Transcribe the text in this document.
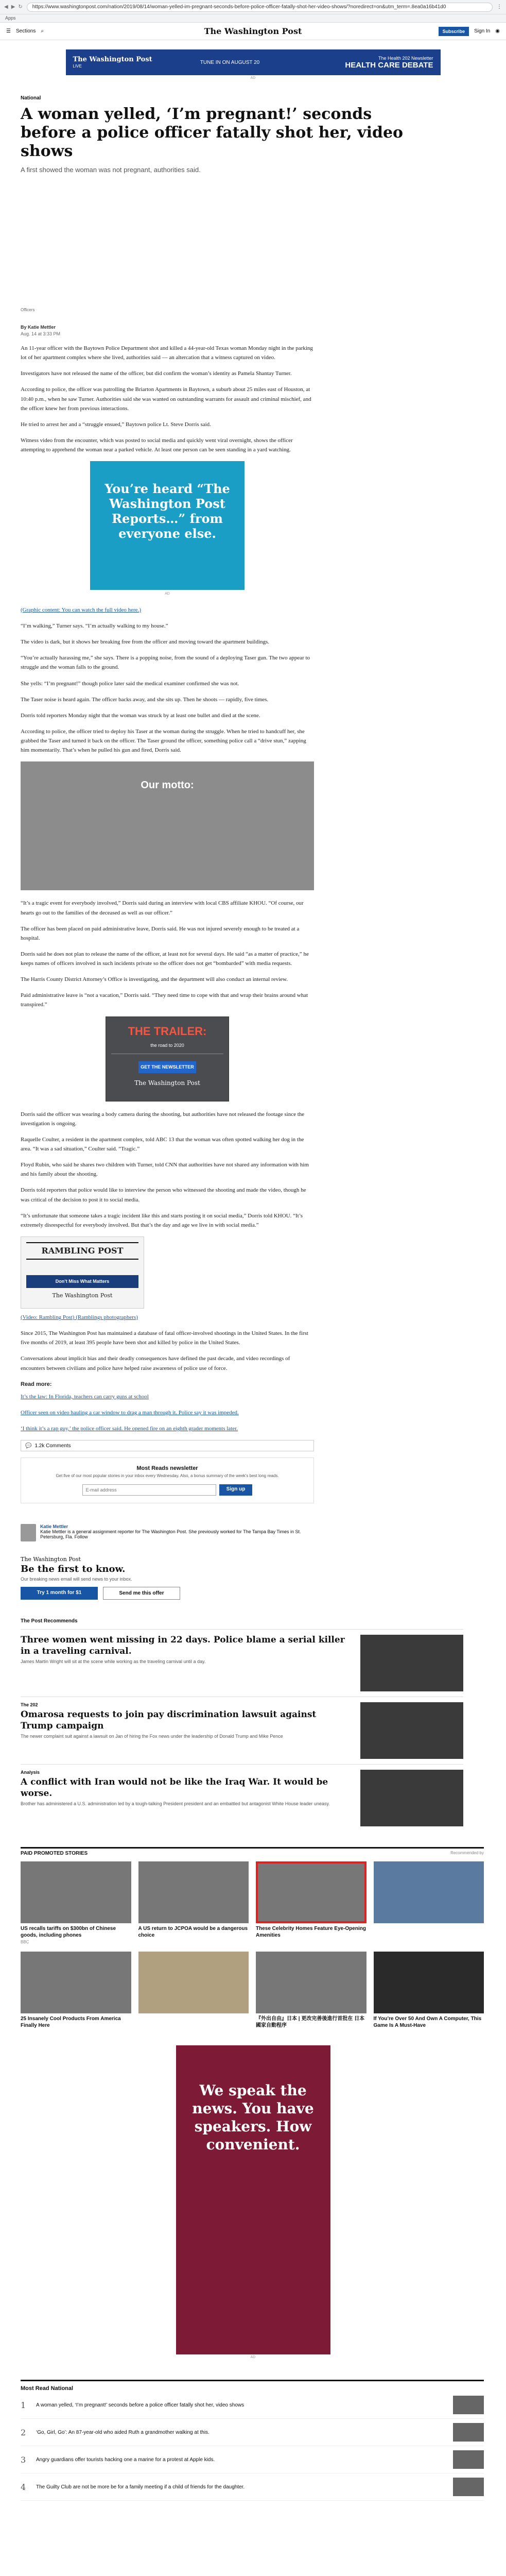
◀ ▶ ↻	https://www.washingtonpost.com/nation/2019/08/14/woman-yelled-im-pregnant-seconds-before-police-officer-fatally-shot-her-video-shows/?noredirect=on&utm_term=.8ea0a16b41d0	⋮
Apps
☰ Sections ⌕	The Washington Post	Subscribe	Sign In ◉
The Washington Post
LIVE
TUNE IN ON AUGUST 20
The Health 202 Newsletter
HEALTH CARE DEBATE
AD
National
A woman yelled, ‘I’m pregnant!’ seconds before a police officer fatally shot her, video shows
A first showed the woman was not pregnant, authorities said.
Officers
By Katie Mettler
Aug. 14 at 3:33 PM

An 11-year officer with the Baytown Police Department shot and killed a 44-year-old Texas woman Monday night in the parking lot of her apartment complex where she lived, authorities said — an altercation that a witness captured on video.

Investigators have not released the name of the officer, but did confirm the woman’s identity as Pamela Shantay Turner.

According to police, the officer was patrolling the Briarton Apartments in Baytown, a suburb about 25 miles east of Houston, at 10:40 p.m., when he saw Turner. Authorities said she was wanted on outstanding warrants for assault and criminal mischief, and the officer knew her from previous interactions.

He tried to arrest her and a “struggle ensued,” Baytown police Lt. Steve Dorris said.

Witness video from the encounter, which was posted to social media and quickly went viral overnight, shows the officer attempting to apprehend the woman near a parked vehicle. At least one person can be seen standing in a yard watching.

You’re heard “The Washington Post Reports…” from everyone else.
AD

(Graphic content: You can watch the full video here.)

“I’m walking,” Turner says. “I’m actually walking to my house.”

The video is dark, but it shows her breaking free from the officer and moving toward the apartment buildings.

“You’re actually harassing me,” she says. There is a popping noise, from the sound of a deploying Taser gun. The two appear to struggle and the woman falls to the ground.

She yells: “I’m pregnant!” though police later said the medical examiner confirmed she was not.

The Taser noise is heard again. The officer backs away, and she sits up. Then he shoots — rapidly, five times.

Dorris told reporters Monday night that the woman was struck by at least one bullet and died at the scene.

According to police, the officer tried to deploy his Taser at the woman during the struggle. When he tried to handcuff her, she grabbed the Taser and turned it back on the officer. The Taser ground the officer, something police call a “drive stun,” zapping him momentarily. That’s when he pulled his gun and fired, Dorris said.

Our motto:

“It’s a tragic event for everybody involved,” Dorris said during an interview with local CBS affiliate KHOU. “Of course, our hearts go out to the families of the deceased as well as our officer.”

The officer has been placed on paid administrative leave, Dorris said. He was not injured severely enough to be treated at a hospital.

Dorris said he does not plan to release the name of the officer, at least not for several days. He said “as a matter of practice,” he keeps names of officers involved in such incidents private so the officer does not get “bombarded” with media requests.

The Harris County District Attorney’s Office is investigating, and the department will also conduct an internal review.

Paid administrative leave is “not a vacation,” Dorris said. “They need time to cope with that and wrap their brains around what transpired.”

THE TRAILER:
the road to 2020
GET THE NEWSLETTER
The Washington Post

Dorris said the officer was wearing a body camera during the shooting, but authorities have not released the footage since the investigation is ongoing.

Raquelle Coulter, a resident in the apartment complex, told ABC 13 that the woman was often spotted walking her dog in the area. “It was a sad situation,” Coulter said. “Tragic.”

Floyd Rubin, who said he shares two children with Turner, told CNN that authorities have not shared any information with him and his family about the shooting.

Dorris told reporters that police would like to interview the person who witnessed the shooting and made the video, though he was critical of the decision to post it to social media.

“It’s unfortunate that someone takes a tragic incident like this and starts posting it on social media,” Dorris told KHOU. “It’s extremely disrespectful for everybody involved. But that’s the day and age we live in with social media.”

RAMBLING POST
Don’t Miss What Matters
The Washington Post

(Video: Rambling Post) (Ramblings photographers)

Since 2015, The Washington Post has maintained a database of fatal officer-involved shootings in the United States. In the first five months of 2019, at least 395 people have been shot and killed by police in the United States.

Conversations about implicit bias and their deadly consequences have defined the past decade, and video recordings of encounters between civilians and police have helped raise awareness of police use of force.

Read more:

It’s the law: In Florida, teachers can carry guns at school

Officer seen on video hauling a car window to drag a man through it. Police say it was impeded.

‘I think it’s a rap guy,’ the police officer said. He opened fire on an eighth grader moments later.

💬 1.2k Comments
Most Reads newsletter
Get five of our most popular stories in your inbox every Wednesday. Also, a bonus summary of the week’s best long reads.
E-mail address
Sign up
Katie Mettler
Katie Mettler is a general assignment reporter for The Washington Post. She previously worked for The Tampa Bay Times in St. Petersburg, Fla. Follow
The Washington Post
Be the first to know.
Our breaking news email will send news to your inbox.
Try 1 month for $1	Send me this offer
The Post Recommends
Three women went missing in 22 days. Police blame a serial killer in a traveling carnival.
James Martin Wright will sit at the scene while working as the traveling carnival until a day.
The 202
Omarosa requests to join pay discrimination lawsuit against Trump campaign
The newer complaint suit against a lawsuit on Jan of hiring the Fox news under the leadership of Donald Trump and Mike Pence
Analysis
A conflict with Iran would not be like the Iraq War. It would be worse.
Brother has administered a U.S. administration led by a tough-talking President president and an embattled but antagonist White House leader uneasy.
PAID PROMOTED STORIES	Recommended by
US recalls tariffs on $300bn of Chinese goods, including phones
BBC
A US return to JCPOA would be a dangerous choice
These Celebrity Homes Feature Eye-Opening Amenities
25 Insanely Cool Products From America Finally Here
『外出自由』日本 | 更改完善後進行首批在 日本國家自動程序
If You’re Over 50 And Own A Computer, This Game Is A Must-Have
We speak the news. You have speakers. How convenient.
AD
Most Read National
1	A woman yelled, ‘I’m pregnant!’ seconds before a police officer fatally shot her, video shows
2	‘Go, Girl, Go’: An 87-year-old who aided Ruth a grandmother walking at this.
3	Angry guardians offer tourists hacking one a marine for a protest at Apple kids.
4	The Guilty Club are not be more be for a family meeting if a child of friends for the daughter.
